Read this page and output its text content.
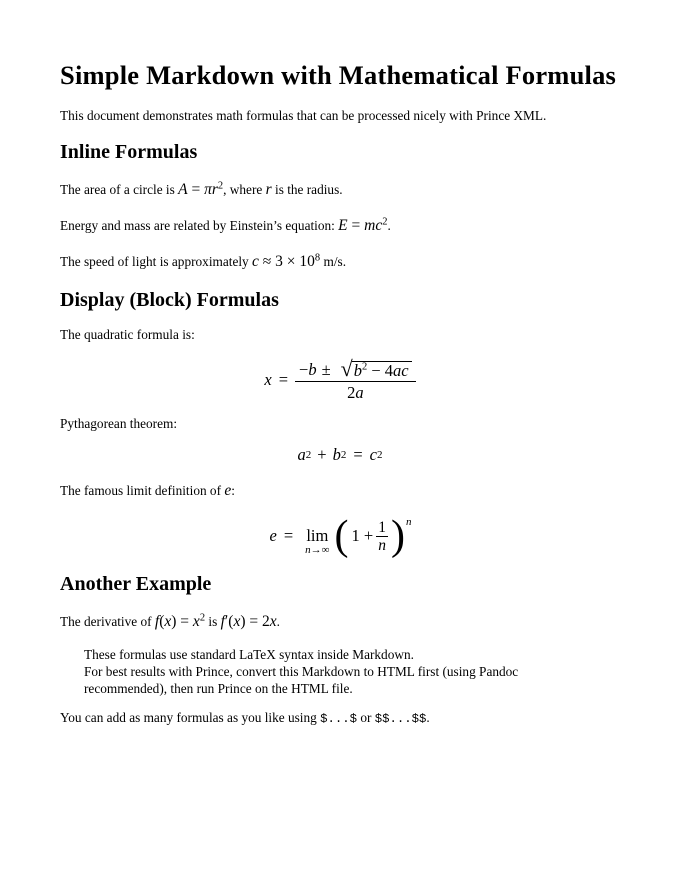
Simple Markdown with Mathematical Formulas

This document demonstrates math formulas that can be processed nicely with Prince XML.

Inline Formulas

The area of a circle is $A = \pi r^2$, where r is the radius.

Energy and mass are related by Einstein’s equation: $E = mc^2$.

The speed of light is approximately $c \approx 3 \times 10^8$ m/s.

Display (Block) Formulas

The quadratic formula is:

$x = \frac{- b \pm √ b^2 - 4ac}{2a}$

Pythagorean theorem:

a 2 + b 2 = c 2

The famous limit definition of e:

e = lim
n→∞ ( 1 + 1
n ) n
Another Example

The derivative of $f(x) = x^2$ is f′(x) = 2x.

These formulas use standard LaTeX syntax inside Markdown.
For best results with Prince, convert this Markdown to HTML first (using Pandoc
recommended), then run Prince on the HTML file.

You can add as many formulas as you like using $...$ or $$...$$.
